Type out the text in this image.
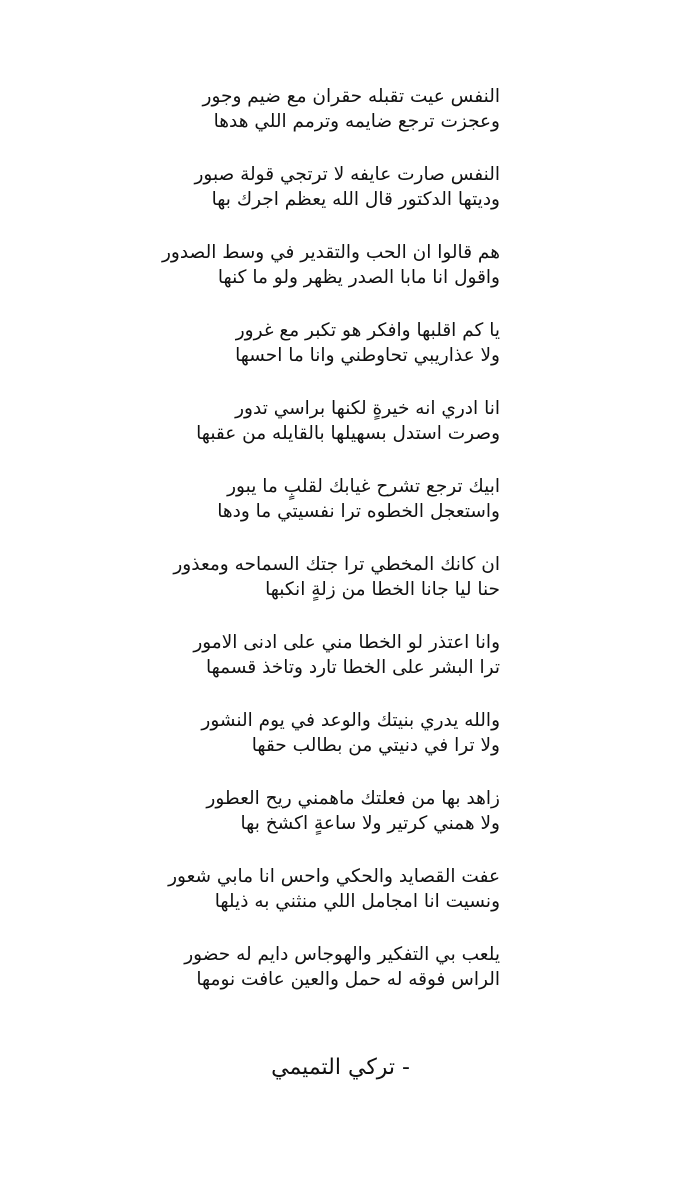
النفس عيت تقبله حقران مع ضيم وجور
وعجزت ترجع ضايمه وترمم اللي هدها
النفس صارت عايفه لا ترتجي قولة صبور
وديتها الدكتور قال الله يعظم اجرك بها
هم قالوا ان الحب والتقدير في وسط الصدور
واقول انا مابا الصدر يظهر ولو ما كنها
يا كم اقلبها وافكر هو تكبر مع غرور
ولا عذاريبي تحاوطني وانا ما احسها
انا ادري انه خيرةٍ لكنها براسي تدور
وصرت استدل بسهيلها بالقايله من عقبها
ابيك ترجع تشرح غيابك لقلبٍ ما يبور
واستعجل الخطوه ترا نفسيتي ما ودها
ان كانك المخطي ترا جتك السماحه ومعذور
حنا ليا جانا الخطا من زلةٍ انكبها
وانا اعتذر لو الخطا مني على ادنى الامور
ترا البشر على الخطا تارد وتاخذ قسمها
والله يدري بنيتك والوعد في يوم النشور
ولا ترا في دنيتي من بطالب حقها
زاهد بها من فعلتك ماهمني ريح العطور
ولا همني كرتير ولا ساعةٍ اكشخ بها
عفت القصايد والحكي واحس انا مابي شعور
ونسيت انا امجامل اللي منثني به ذيلها
يلعب بي التفكير والهوجاس دايم له حضور
الراس فوقه له حمل والعين عافت نومها
- تركي التميمي
